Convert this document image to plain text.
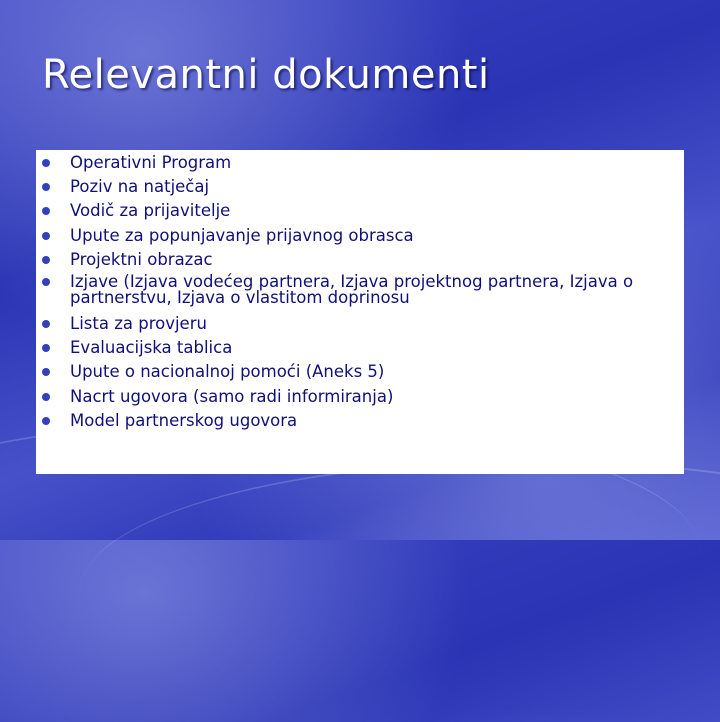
Relevantni dokumenti
Operativni Program
Poziv na natječaj
Vodič za prijavitelje
Upute za popunjavanje prijavnog obrasca
Projektni obrazac
Izjave (Izjava vodećeg partnera, Izjava projektnog partnera, Izjava o partnerstvu, Izjava o vlastitom doprinosu
Lista za provjeru
Evaluacijska tablica
Upute o nacionalnoj pomoći (Aneks 5)
Nacrt ugovora (samo radi informiranja)
Model partnerskog ugovora
